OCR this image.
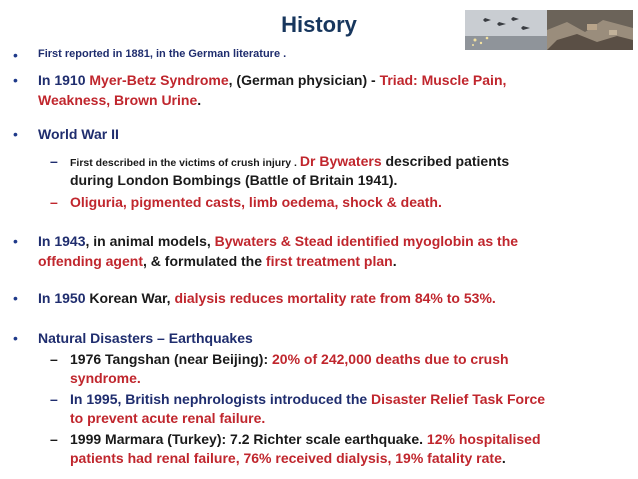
History
•	First reported in 1881, in the German literature .
•	In 1910 Myer-Betz Syndrome, (German physician) - Triad: Muscle Pain,
Weakness, Brown Urine.
•	World War II
– First described in the victims of crush injury . Dr Bywaters described patients
during London Bombings (Battle of Britain 1941).
– Oliguria, pigmented casts, limb oedema, shock & death.
•	In 1943, in animal models, Bywaters & Stead identified myoglobin as the
offending agent, & formulated the first treatment plan.
•	In 1950 Korean War, dialysis reduces mortality rate from 84% to 53%.
•	Natural Disasters – Earthquakes
– 1976 Tangshan (near Beijing): 20% of 242,000 deaths due to crush
syndrome.
– In 1995, British nephrologists introduced the Disaster Relief Task Force
to prevent acute renal failure.
– 1999 Marmara (Turkey): 7.2 Richter scale earthquake. 12% hospitalised
patients had renal failure, 76% received dialysis, 19% fatality rate.
